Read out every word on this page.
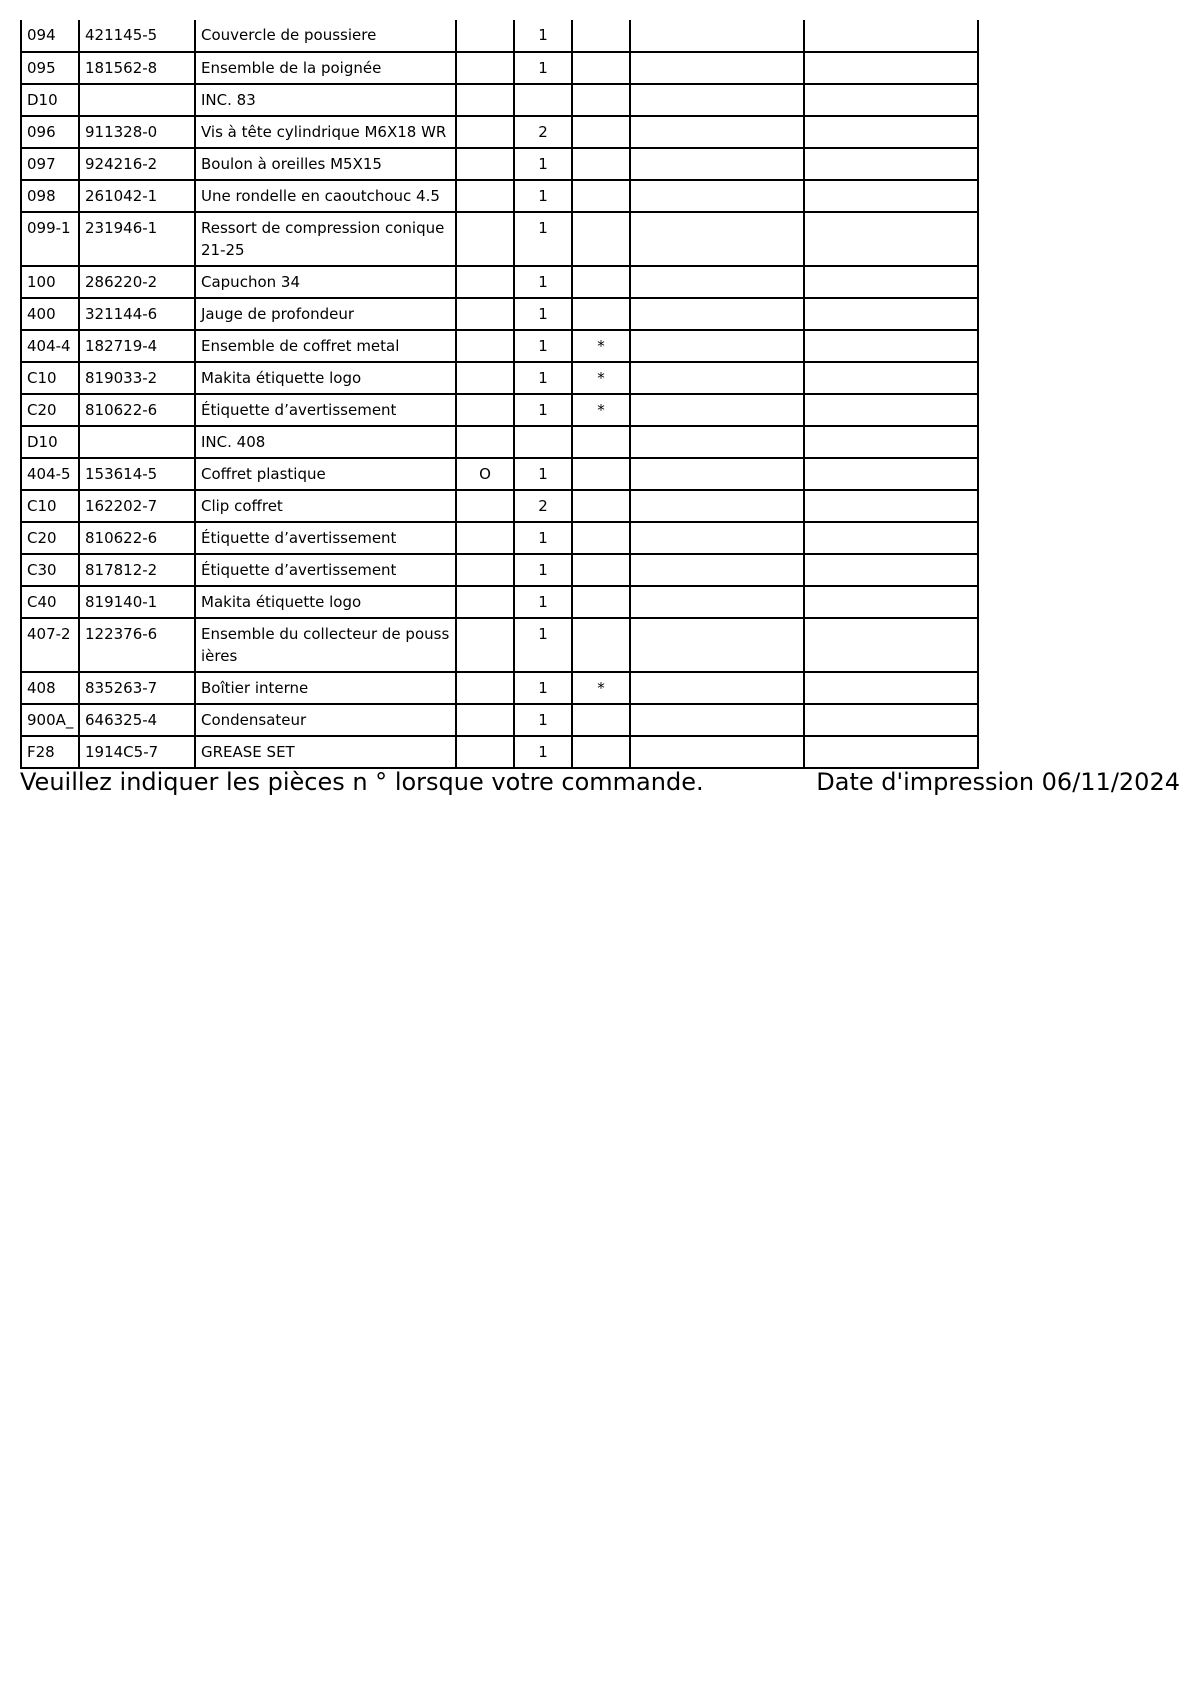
094	421145-5	Couvercle de poussiere		1			
095	181562-8	Ensemble de la poignée		1			
D10		INC. 83					
096	911328-0	Vis à tête cylindrique M6X18 WR		2			
097	924216-2	Boulon à oreilles M5X15		1			
098	261042-1	Une rondelle en caoutchouc 4.5		1			
099-1	231946-1	Ressort de compression conique 21-25		1			
100	286220-2	Capuchon 34		1			
400	321144-6	Jauge de profondeur		1			
404-4	182719-4	Ensemble de coffret metal		1	*		
C10	819033-2	Makita étiquette logo		1	*		
C20	810622-6	Étiquette d’avertissement		1	*		
D10		INC. 408					
404-5	153614-5	Coffret plastique	O	1			
C10	162202-7	Clip coffret		2			
C20	810622-6	Étiquette d’avertissement		1			
C30	817812-2	Étiquette d’avertissement		1			
C40	819140-1	Makita étiquette logo		1			
407-2	122376-6	Ensemble du collecteur de pouss ières		1			
408	835263-7	Boîtier interne		1	*		
900A_	646325-4	Condensateur		1			
F28	1914C5-7	GREASE SET		1			
Veuillez indiquer les pièces n ° lorsque votre commande.	Date d'impression 06/11/2024
